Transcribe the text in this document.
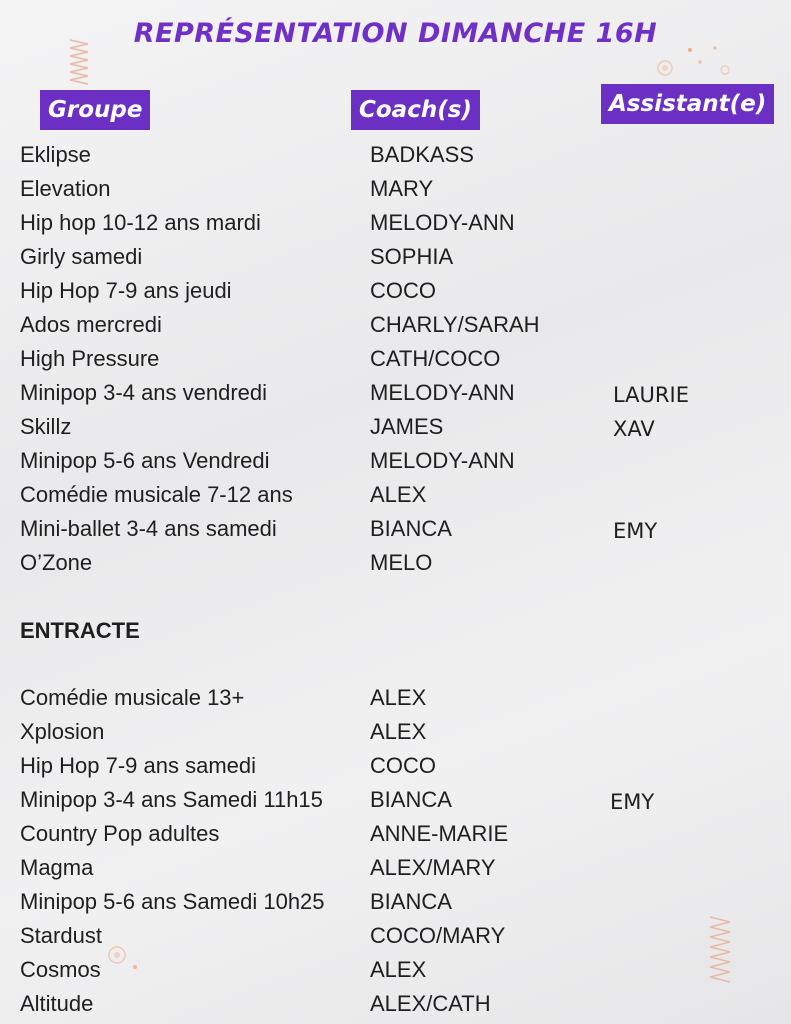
REPRÉSENTATION DIMANCHE 16H
Groupe	Coach(s)	Assistant(e)
Eklipse	BADKASS
Elevation	MARY
Hip hop 10-12 ans mardi	MELODY-ANN
Girly samedi	SOPHIA
Hip Hop 7-9 ans jeudi	COCO
Ados mercredi	CHARLY/SARAH
High Pressure	CATH/COCO
Minipop 3-4 ans vendredi	MELODY-ANN	LAURIE
Skillz	JAMES	XAV
Minipop 5-6 ans Vendredi	MELODY-ANN
Comédie musicale 7-12 ans	ALEX
Mini-ballet 3-4 ans samedi	BIANCA	EMY
O’Zone	MELO
ENTRACTE
Comédie musicale 13+	ALEX
Xplosion	ALEX
Hip Hop 7-9 ans samedi	COCO
Minipop 3-4 ans Samedi 11h15 BIANCA	EMY
Country Pop adultes	ANNE-MARIE
Magma	ALEX/MARY
Minipop 5-6 ans Samedi 10h25 BIANCA
Stardust	COCO/MARY
Cosmos	ALEX
Altitude	ALEX/CATH
